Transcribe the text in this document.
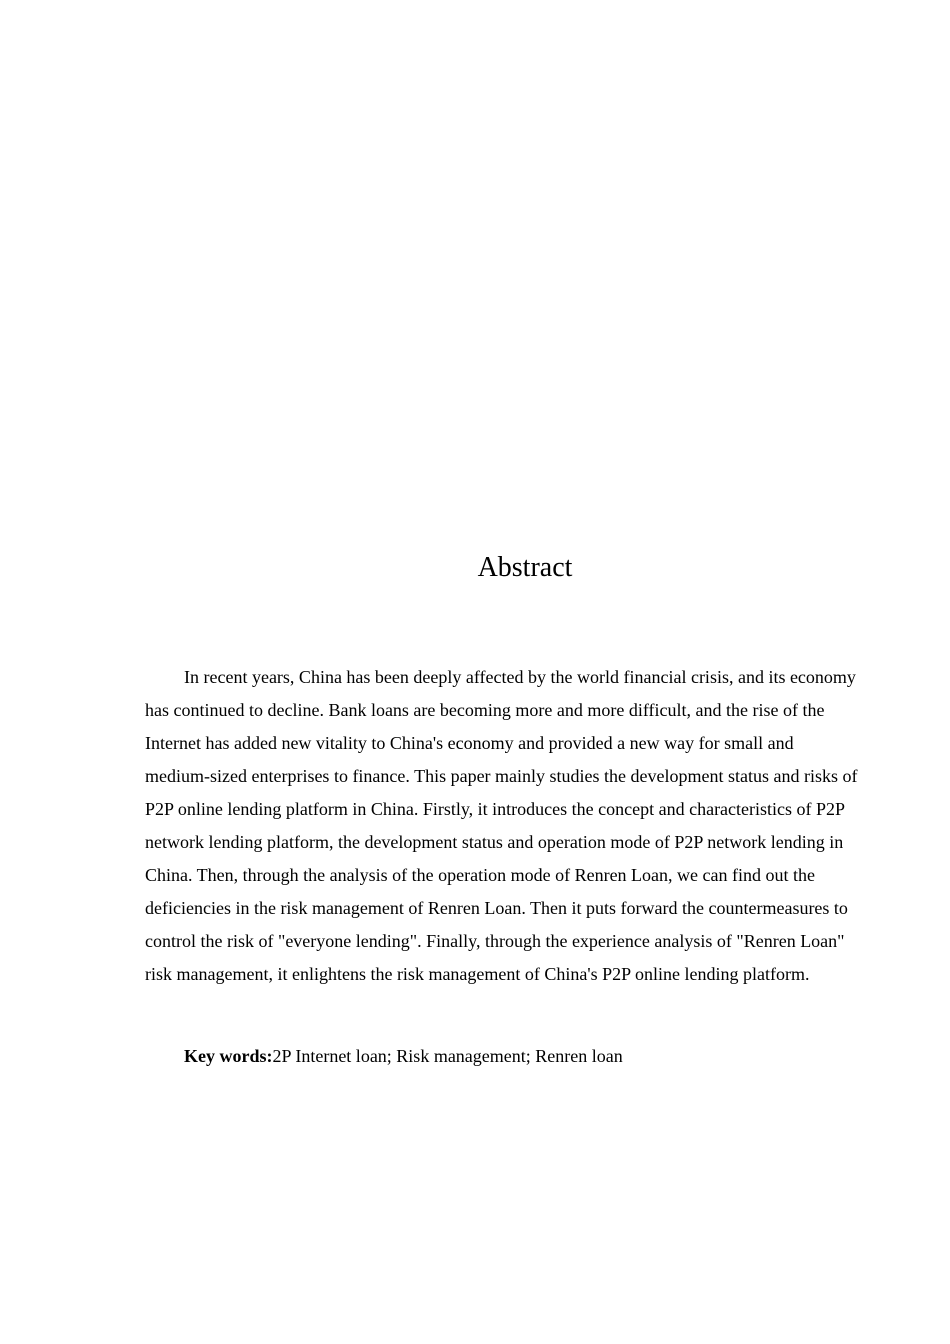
Abstract

In recent years, China has been deeply affected by the world financial crisis, and its economy has continued to decline. Bank loans are becoming more and more difficult, and the rise of the Internet has added new vitality to China's economy and provided a new way for small and medium-sized enterprises to finance. This paper mainly studies the development status and risks of P2P online lending platform in China. Firstly, it introduces the concept and characteristics of P2P network lending platform, the development status and operation mode of P2P network lending in China. Then, through the analysis of the operation mode of Renren Loan, we can find out the deficiencies in the risk management of Renren Loan. Then it puts forward the countermeasures to control the risk of "everyone lending". Finally, through the experience analysis of "Renren Loan" risk management, it enlightens the risk management of China's P2P online lending platform.

Key words:2P Internet loan; Risk management; Renren loan
